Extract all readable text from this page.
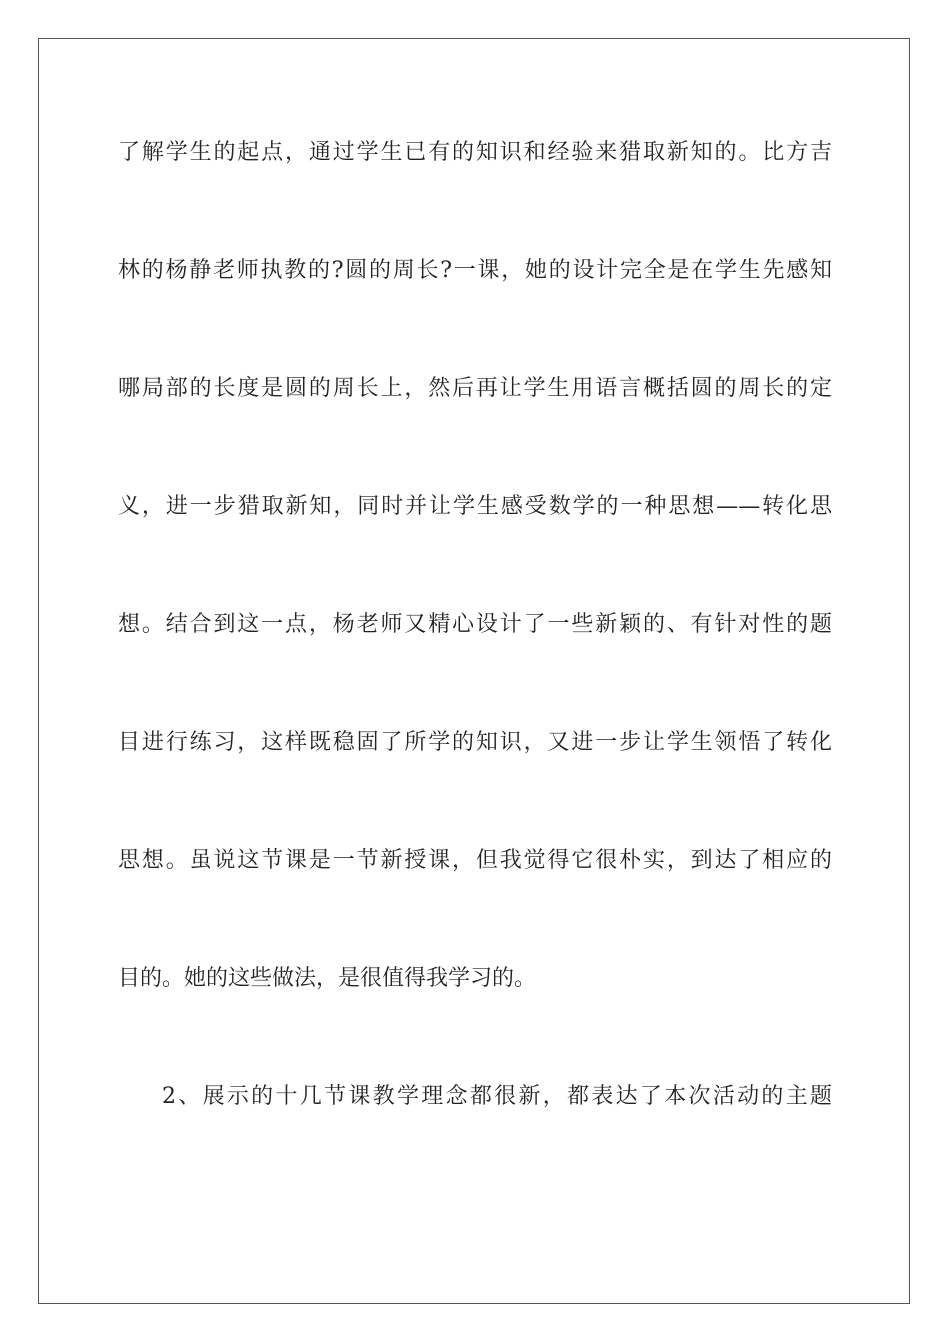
了解学生的起点，通过学生已有的知识和经验来猎取新知的。比方吉
林的杨静老师执教的?圆的周长?一课，她的设计完全是在学生先感知
哪局部的长度是圆的周长上，然后再让学生用语言概括圆的周长的定
义，进一步猎取新知，同时并让学生感受数学的一种思想——转化思
想。结合到这一点，杨老师又精心设计了一些新颖的、有针对性的题
目进行练习，这样既稳固了所学的知识，又进一步让学生领悟了转化
思想。虽说这节课是一节新授课，但我觉得它很朴实，到达了相应的
目的。她的这些做法，是很值得我学习的。
2、展示的十几节课教学理念都很新，都表达了本次活动的主题
